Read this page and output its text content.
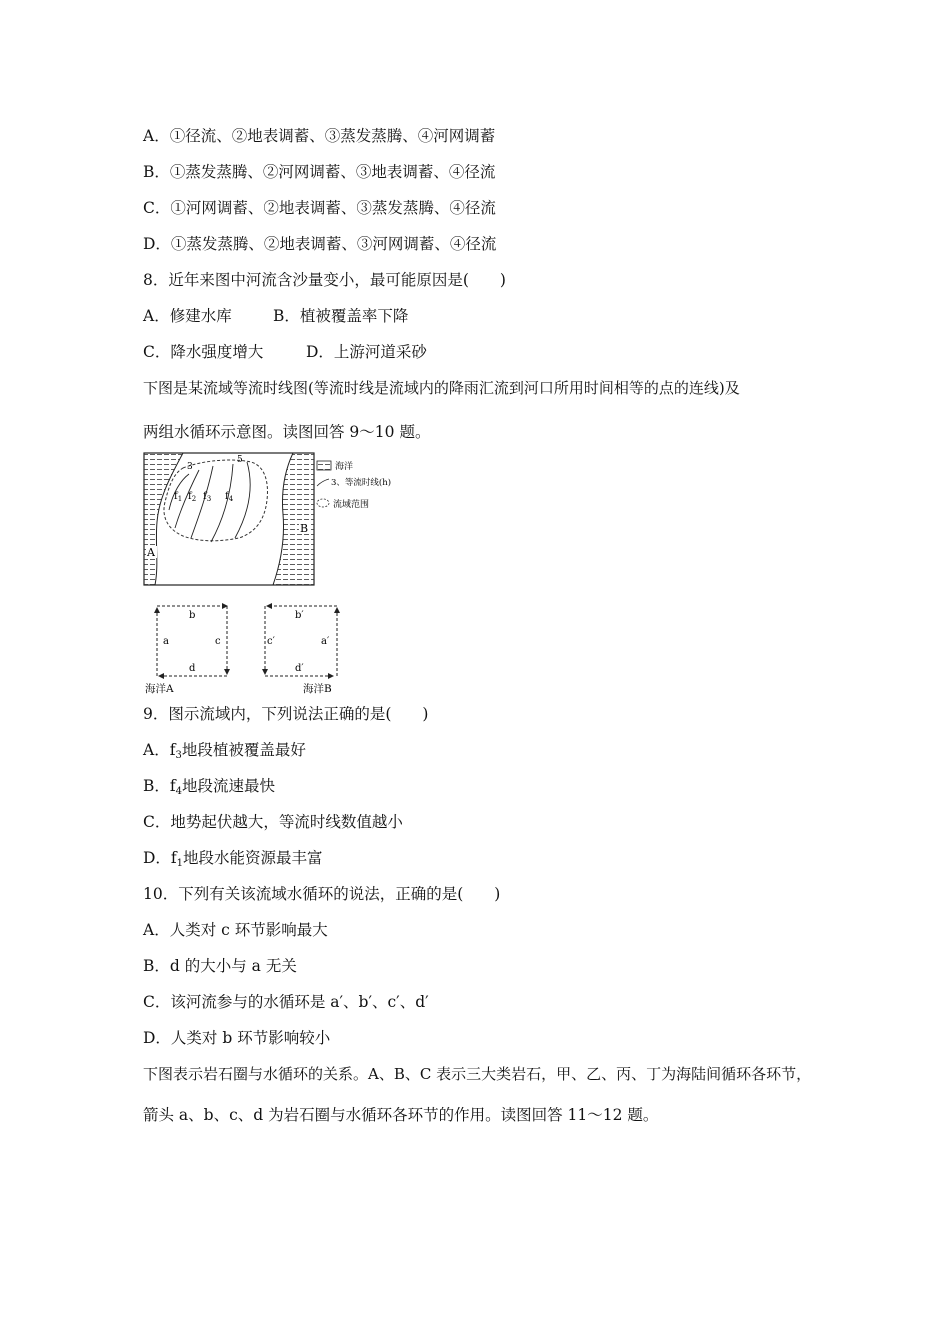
A．①径流、②地表调蓄、③蒸发蒸腾、④河网调蓄
B．①蒸发蒸腾、②河网调蓄、③地表调蓄、④径流
C．①河网调蓄、②地表调蓄、③蒸发蒸腾、④径流
D．①蒸发蒸腾、②地表调蓄、③河网调蓄、④径流
8．近年来图中河流含沙量变小，最可能原因是(　　)
A．修建水库	B．植被覆盖率下降
C．降水强度增大	D．上游河道采砂
下图是某流域等流时线图(等流时线是流域内的降雨汇流到河口所用时间相等的点的连线)及
两组水循环示意图。读图回答 9～10 题。
3
5
$f_1$ $f_2$ $f_3$ $f_4$
A
B
海洋
3、等流时线(h)
流域范围
b
a	c
d
海洋A
b′
c′	a′
d′
海洋B
9．图示流域内，下列说法正确的是(　　)
A．$f_3$地段植被覆盖最好
B．$f_4$地段流速最快
C．地势起伏越大，等流时线数值越小
D．$f_1$地段水能资源最丰富
10．下列有关该流域水循环的说法，正确的是(　　)
A．人类对 c 环节影响最大
B．d 的大小与 a 无关
C．该河流参与的水循环是 a′、b′、c′、d′
D．人类对 b 环节影响较小
下图表示岩石圈与水循环的关系。A、B、C 表示三大类岩石，甲、乙、丙、丁为海陆间循环各环节，
箭头 a、b、c、d 为岩石圈与水循环各环节的作用。读图回答 11～12 题。
